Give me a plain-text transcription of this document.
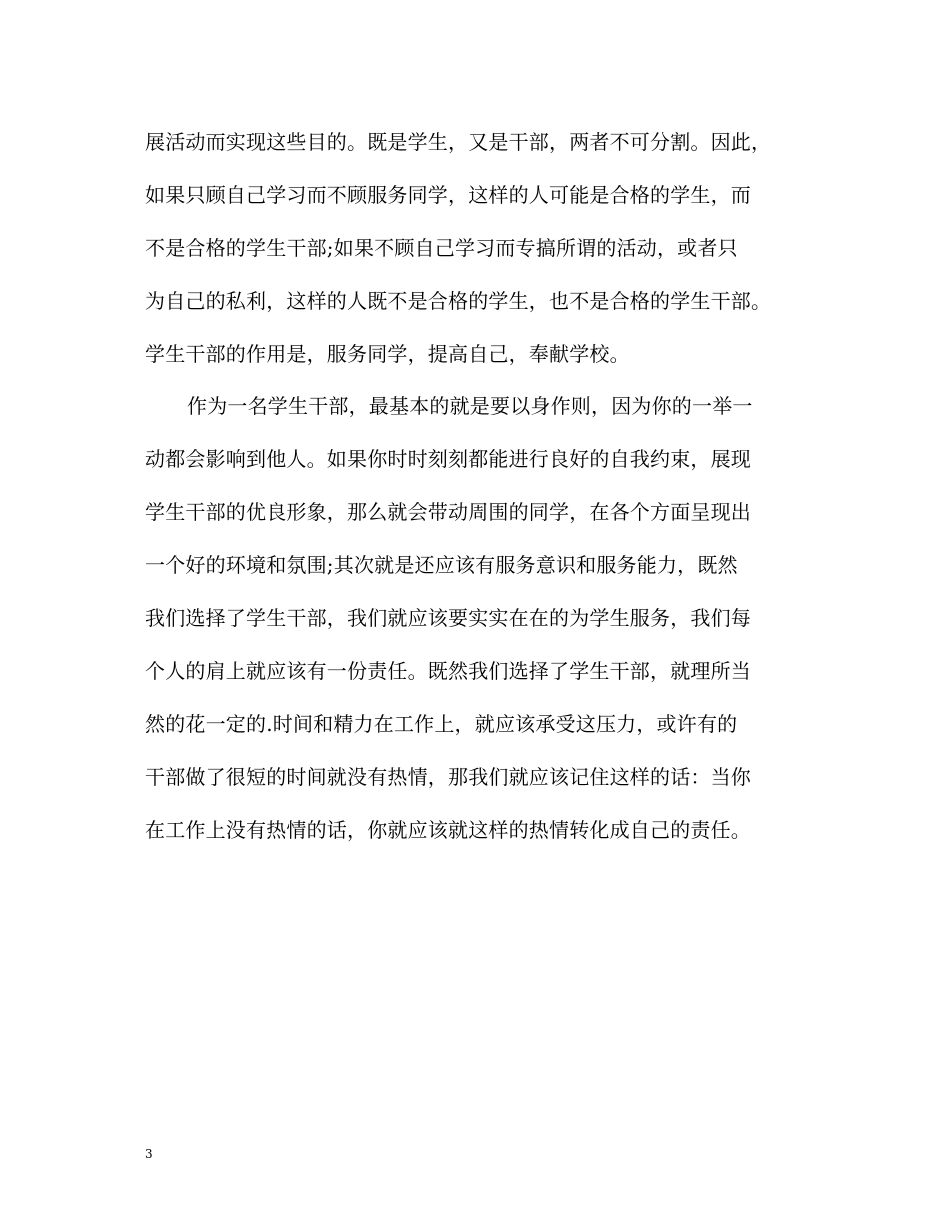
展活动而实现这些目的。既是学生，又是干部，两者不可分割。因此，
如果只顾自己学习而不顾服务同学，这样的人可能是合格的学生，而
不是合格的学生干部;如果不顾自己学习而专搞所谓的活动，或者只
为自己的私利，这样的人既不是合格的学生，也不是合格的学生干部。
学生干部的作用是，服务同学，提高自己，奉献学校。
作为一名学生干部，最基本的就是要以身作则，因为你的一举一
动都会影响到他人。如果你时时刻刻都能进行良好的自我约束，展现
学生干部的优良形象，那么就会带动周围的同学，在各个方面呈现出
一个好的环境和氛围;其次就是还应该有服务意识和服务能力，既然
我们选择了学生干部，我们就应该要实实在在的为学生服务，我们每
个人的肩上就应该有一份责任。既然我们选择了学生干部，就理所当
然的花一定的.时间和精力在工作上，就应该承受这压力，或许有的
干部做了很短的时间就没有热情，那我们就应该记住这样的话：当你
在工作上没有热情的话，你就应该就这样的热情转化成自己的责任。
3
